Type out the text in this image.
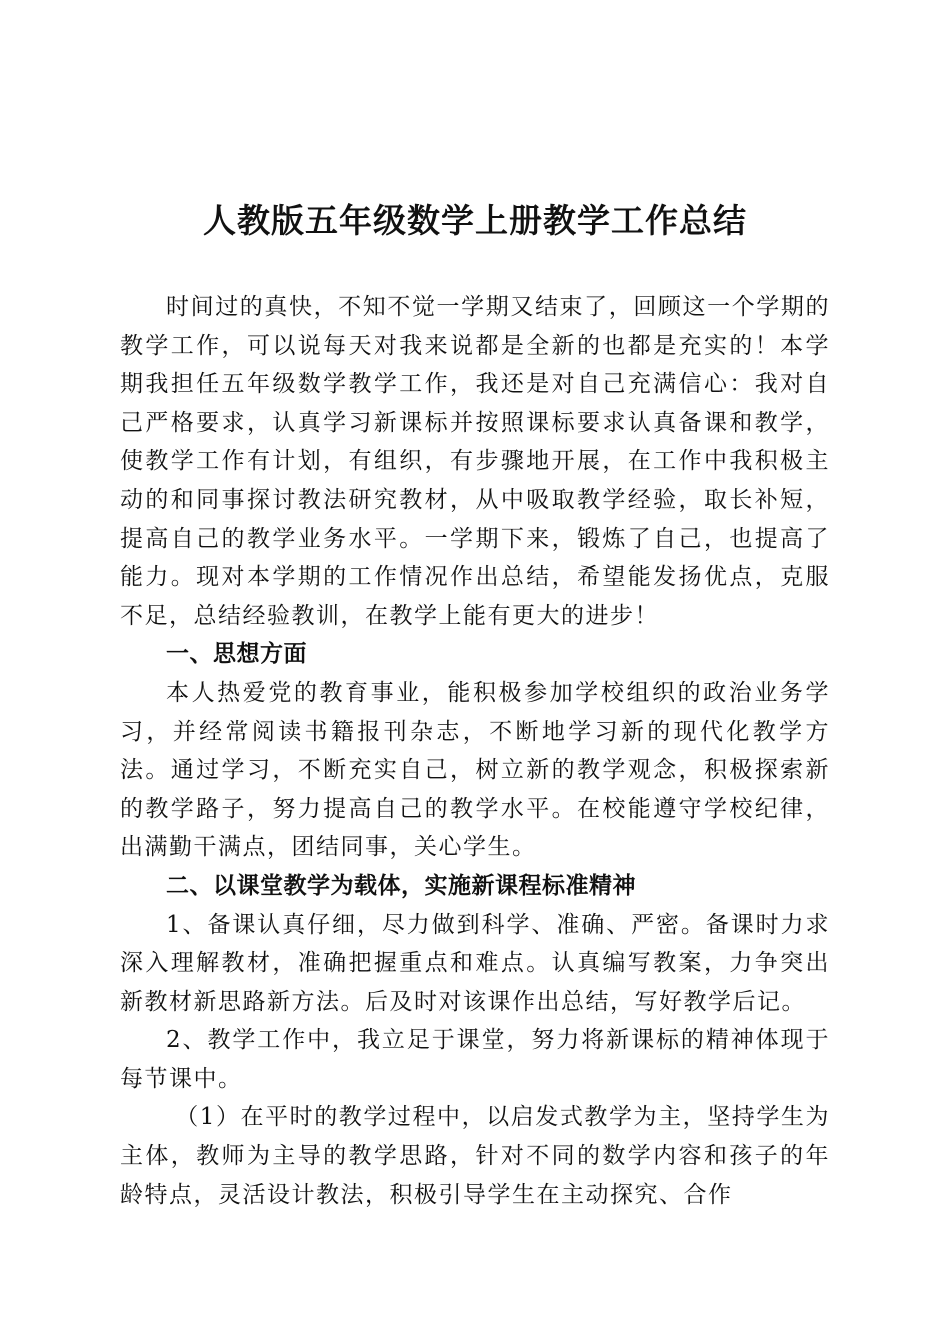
人教版五年级数学上册教学工作总结

时间过的真快，不知不觉一学期又结束了，回顾这一个学期的教学工作，可以说每天对我来说都是全新的也都是充实的！本学期我担任五年级数学教学工作，我还是对自己充满信心：我对自己严格要求，认真学习新课标并按照课标要求认真备课和教学，使教学工作有计划，有组织，有步骤地开展，在工作中我积极主动的和同事探讨教法研究教材，从中吸取教学经验，取长补短，提高自己的教学业务水平。一学期下来，锻炼了自己，也提高了能力。现对本学期的工作情况作出总结，希望能发扬优点，克服不足，总结经验教训，在教学上能有更大的进步！

一、思想方面

本人热爱党的教育事业，能积极参加学校组织的政治业务学习，并经常阅读书籍报刊杂志，不断地学习新的现代化教学方法。通过学习，不断充实自己，树立新的教学观念，积极探索新的教学路子，努力提高自己的教学水平。在校能遵守学校纪律，出满勤干满点，团结同事，关心学生。

二、以课堂教学为载体，实施新课程标准精神

1、备课认真仔细，尽力做到科学、准确、严密。备课时力求深入理解教材，准确把握重点和难点。认真编写教案，力争突出新教材新思路新方法。后及时对该课作出总结，写好教学后记。

2、教学工作中，我立足于课堂，努力将新课标的精神体现于每节课中。

（1）在平时的教学过程中，以启发式教学为主，坚持学生为主体，教师为主导的教学思路，针对不同的数学内容和孩子的年龄特点，灵活设计教法，积极引导学生在主动探究、合作
